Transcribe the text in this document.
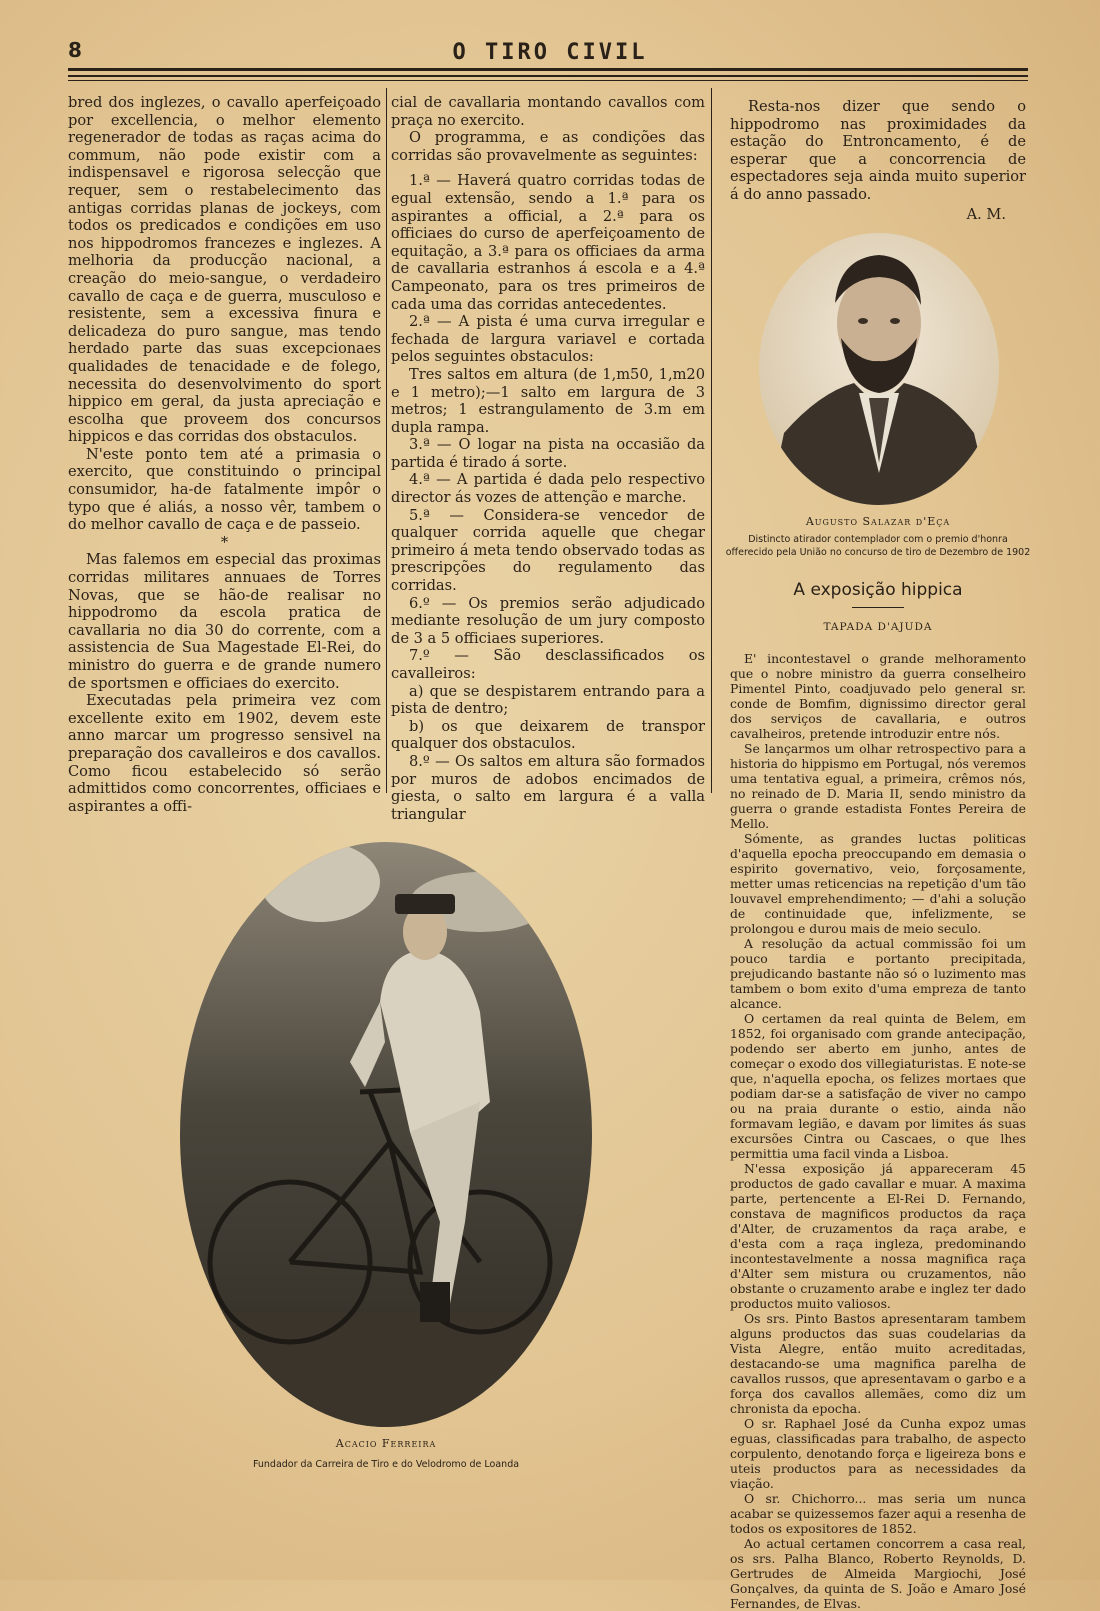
8	O TIRO CIVIL

bred dos inglezes, o cavallo aperfeiçoado por excellencia, o melhor elemento regenerador de todas as raças acima do commum, não pode existir com a indispensavel e rigorosa selecção que requer, sem o restabelecimento das antigas corridas planas de jockeys, com todos os predicados e condições em uso nos hippodromos francezes e inglezes. A melhoria da producção nacional, a creação do meio-sangue, o verdadeiro cavallo de caça e de guerra, musculoso e resistente, sem a excessiva finura e delicadeza do puro sangue, mas tendo herdado parte das suas excepcionaes qualidades de tenacidade e de folego, necessita do desenvolvimento do sport hippico em geral, da justa apreciação e escolha que proveem dos concursos hippicos e das corridas dos obstaculos.

N'este ponto tem até a primasia o exercito, que constituindo o principal consumidor, ha-de fatalmente impôr o typo que é aliás, a nosso vêr, tambem o do melhor cavallo de caça e de passeio.

*

Mas falemos em especial das proximas corridas militares annuaes de Torres Novas, que se hão-de realisar no hippodromo da escola pratica de cavallaria no dia 30 do corrente, com a assistencia de Sua Magestade El-Rei, do ministro do guerra e de grande numero de sportsmen e officiaes do exercito.

Executadas pela primeira vez com excellente exito em 1902, devem este anno marcar um progresso sensivel na preparação dos cavalleiros e dos cavallos. Como ficou estabelecido só serão admittidos como concorrentes, officiaes e aspirantes a offi-

cial de cavallaria montando cavallos com praça no exercito.

O programma, e as condições das corridas são provavelmente as seguintes:

1.ª — Haverá quatro corridas todas de egual extensão, sendo a 1.ª para os aspirantes a official, a 2.ª para os officiaes do curso de aperfeiçoamento de equitação, a 3.ª para os officiaes da arma de cavallaria estranhos á escola e a 4.ª Campeonato, para os tres primeiros de cada uma das corridas antecedentes.

2.ª — A pista é uma curva irregular e fechada de largura variavel e cortada pelos seguintes obstaculos:

Tres saltos em altura (de 1,m50, 1,m20 e 1 metro);—1 salto em largura de 3 metros; 1 estrangulamento de 3.m em dupla rampa.

3.ª — O logar na pista na occasião da partida é tirado á sorte.

4.ª — A partida é dada pelo respectivo director ás vozes de attenção e marche.

5.ª — Considera-se vencedor de qualquer corrida aquelle que chegar primeiro á meta tendo observado todas as prescripções do regulamento das corridas.

6.º — Os premios serão adjudicado mediante resolução de um jury composto de 3 a 5 officiaes superiores.

7.º — São desclassificados os cavalleiros:

a) que se despistarem entrando para a pista de dentro;

b) os que deixarem de transpor qualquer dos obstaculos.

8.º — Os saltos em altura são formados por muros de adobos encimados de giesta, o salto em largura é a valla triangular

Resta-nos dizer que sendo o hippodromo nas proximidades da estação do Entroncamento, é de esperar que a concorrencia de espectadores seja ainda muito superior á do anno passado.

A. M.
Augusto Salazar d'Eça
Distincto atirador contemplador com o premio d'honra
offerecido pela União no concurso de tiro de Dezembro de 1902
A exposição hippica
TAPADA D'AJUDA

E' incontestavel o grande melhoramento que o nobre ministro da guerra conselheiro Pimentel Pinto, coadjuvado pelo general sr. conde de Bomfim, dignissimo director geral dos serviços de cavallaria, e outros cavalheiros, pretende introduzir entre nós.

Se lançarmos um olhar retrospectivo para a historia do hippismo em Portugal, nós veremos uma tentativa egual, a primeira, crêmos nós, no reinado de D. Maria II, sendo ministro da guerra o grande estadista Fontes Pereira de Mello.

Sómente, as grandes luctas politicas d'aquella epocha preoccupando em demasia o espirito governativo, veio, forçosamente, metter umas reticencias na repetição d'um tão louvavel emprehendimento; — d'ahi a solução de continuidade que, infelizmente, se prolongou e durou mais de meio seculo.

A resolução da actual commissão foi um pouco tardia e portanto precipitada, prejudicando bastante não só o luzimento mas tambem o bom exito d'uma empreza de tanto alcance.

O certamen da real quinta de Belem, em 1852, foi organisado com grande antecipação, podendo ser aberto em junho, antes de começar o exodo dos villegiaturistas. E note-se que, n'aquella epocha, os felizes mortaes que podiam dar-se a satisfação de viver no campo ou na praia durante o estio, ainda não formavam legião, e davam por limites ás suas excursões Cintra ou Cascaes, o que lhes permittia uma facil vinda a Lisboa.

N'essa exposição já appareceram 45 productos de gado cavallar e muar. A maxima parte, pertencente a El-Rei D. Fernando, constava de magnificos productos da raça d'Alter, de cruzamentos da raça arabe, e d'esta com a raça ingleza, predominando incontestavelmente a nossa magnifica raça d'Alter sem mistura ou cruzamentos, não obstante o cruzamento arabe e inglez ter dado productos muito valiosos.

Os srs. Pinto Bastos apresentaram tambem alguns productos das suas coudelarias da Vista Alegre, então muito acreditadas, destacando-se uma magnifica parelha de cavallos russos, que apresentavam o garbo e a força dos cavallos allemães, como diz um chronista da epocha.

O sr. Raphael José da Cunha expoz umas eguas, classificadas para trabalho, de aspecto corpulento, denotando força e ligeireza bons e uteis productos para as necessidades da viação.

O sr. Chichorro... mas seria um nunca acabar se quizessemos fazer aqui a resenha de todos os expositores de 1852.

Ao actual certamen concorrem a casa real, os srs. Palha Blanco, Roberto Reynolds, D. Gertrudes de Almeida Margiochi, José Gonçalves, da quinta de S. João e Amaro José Fernandes, de Elvas.

Acacio Ferreira
Fundador da Carreira de Tiro e do Velodromo de Loanda
